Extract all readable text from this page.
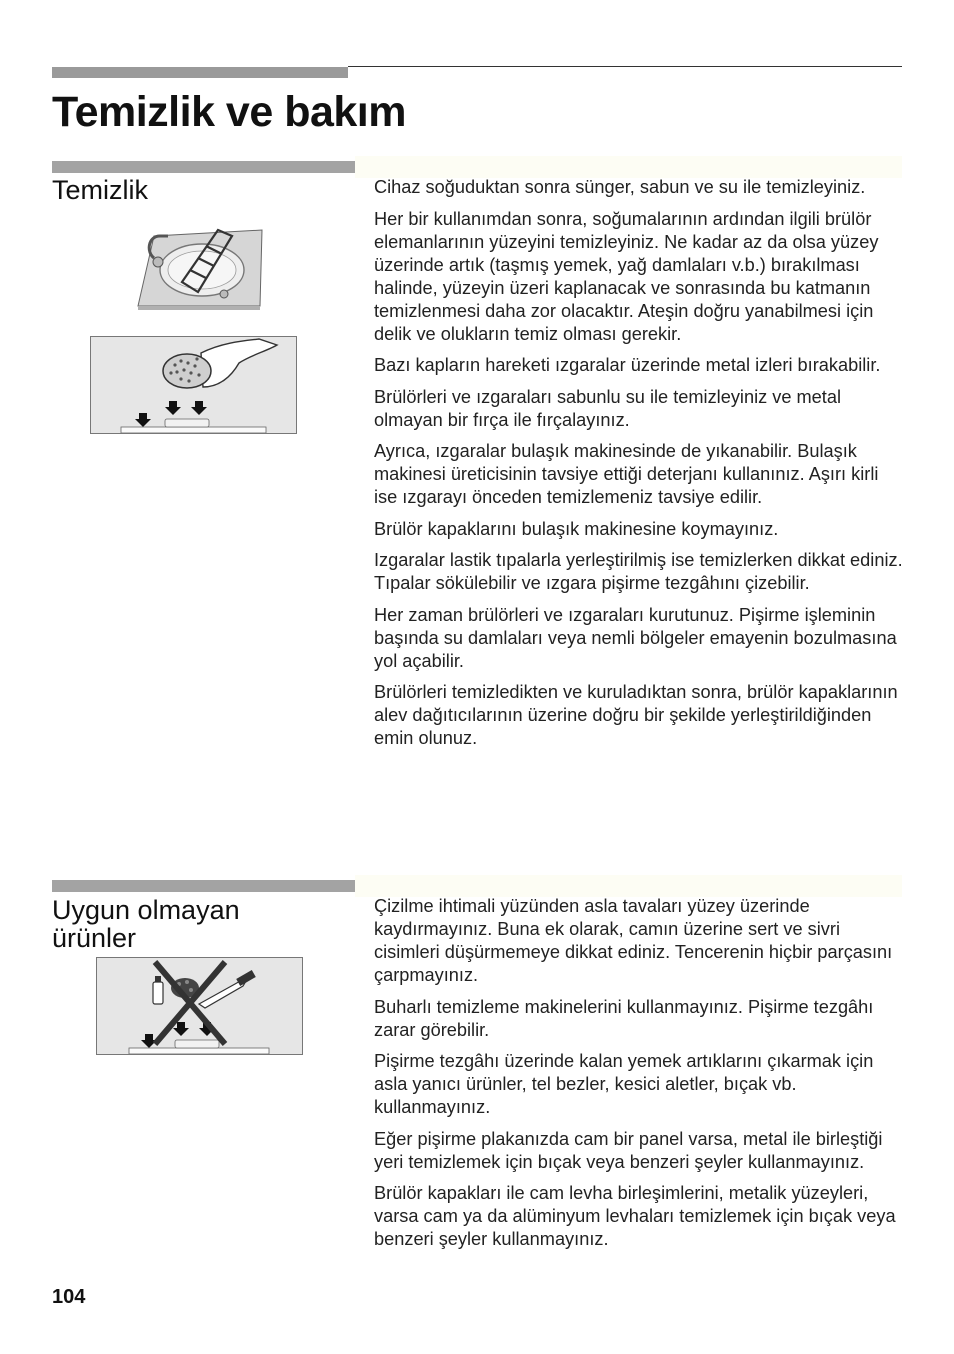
Temizlik ve bakım
Temizlik	Cihaz soğuduktan sonra sünger, sabun ve su ile temizleyiniz.

Her bir kullanımdan sonra, soğumalarının ardından ilgili brülör elemanlarının yüzeyini temizleyiniz. Ne kadar az da olsa yüzey üzerinde artık (taşmış yemek, yağ damlaları v.b.) bırakılması halinde, yüzeyin üzeri kaplanacak ve sonrasında bu katmanın temizlenmesi daha zor olacaktır. Ateşin doğru yanabilmesi için delik ve olukların temiz olması gerekir.

Bazı kapların hareketi ızgaralar üzerinde metal izleri bırakabilir.

Brülörleri ve ızgaraları sabunlu su ile temizleyiniz ve metal olmayan bir fırça ile fırçalayınız.

Ayrıca, ızgaralar bulaşık makinesinde de yıkanabilir. Bulaşık makinesi üreticisinin tavsiye ettiği deterjanı kullanınız. Aşırı kirli ise ızgarayı önceden temizlemeniz tavsiye edilir.

Brülör kapaklarını bulaşık makinesine koymayınız.

Izgaralar lastik tıpalarla yerleştirilmiş ise temizlerken dikkat ediniz. Tıpalar sökülebilir ve ızgara pişirme tezgâhını çizebilir.

Her zaman brülörleri ve ızgaraları kurutunuz. Pişirme işleminin başında su damlaları veya nemli bölgeler emayenin bozulmasına yol açabilir.

Brülörleri temizledikten ve kuruladıktan sonra, brülör kapaklarının alev dağıtıcılarının üzerine doğru bir şekilde yerleştirildiğinden emin olunuz.

Uygun olmayan ürünler

Çizilme ihtimali yüzünden asla tavaları yüzey üzerinde kaydırmayınız. Buna ek olarak, camın üzerine sert ve sivri cisimleri düşürmemeye dikkat ediniz. Tencerenin hiçbir parçasını çarpmayınız.

Buharlı temizleme makinelerini kullanmayınız. Pişirme tezgâhı zarar görebilir.

Pişirme tezgâhı üzerinde kalan yemek artıklarını çıkarmak için asla yanıcı ürünler, tel bezler, kesici aletler, bıçak vb. kullanmayınız.

Eğer pişirme plakanızda cam bir panel varsa, metal ile birleştiği yeri temizlemek için bıçak veya benzeri şeyler kullanmayınız.

Brülör kapakları ile cam levha birleşimlerini, metalik yüzeyleri, varsa cam ya da alüminyum levhaları temizlemek için bıçak veya benzeri şeyler kullanmayınız.

104
